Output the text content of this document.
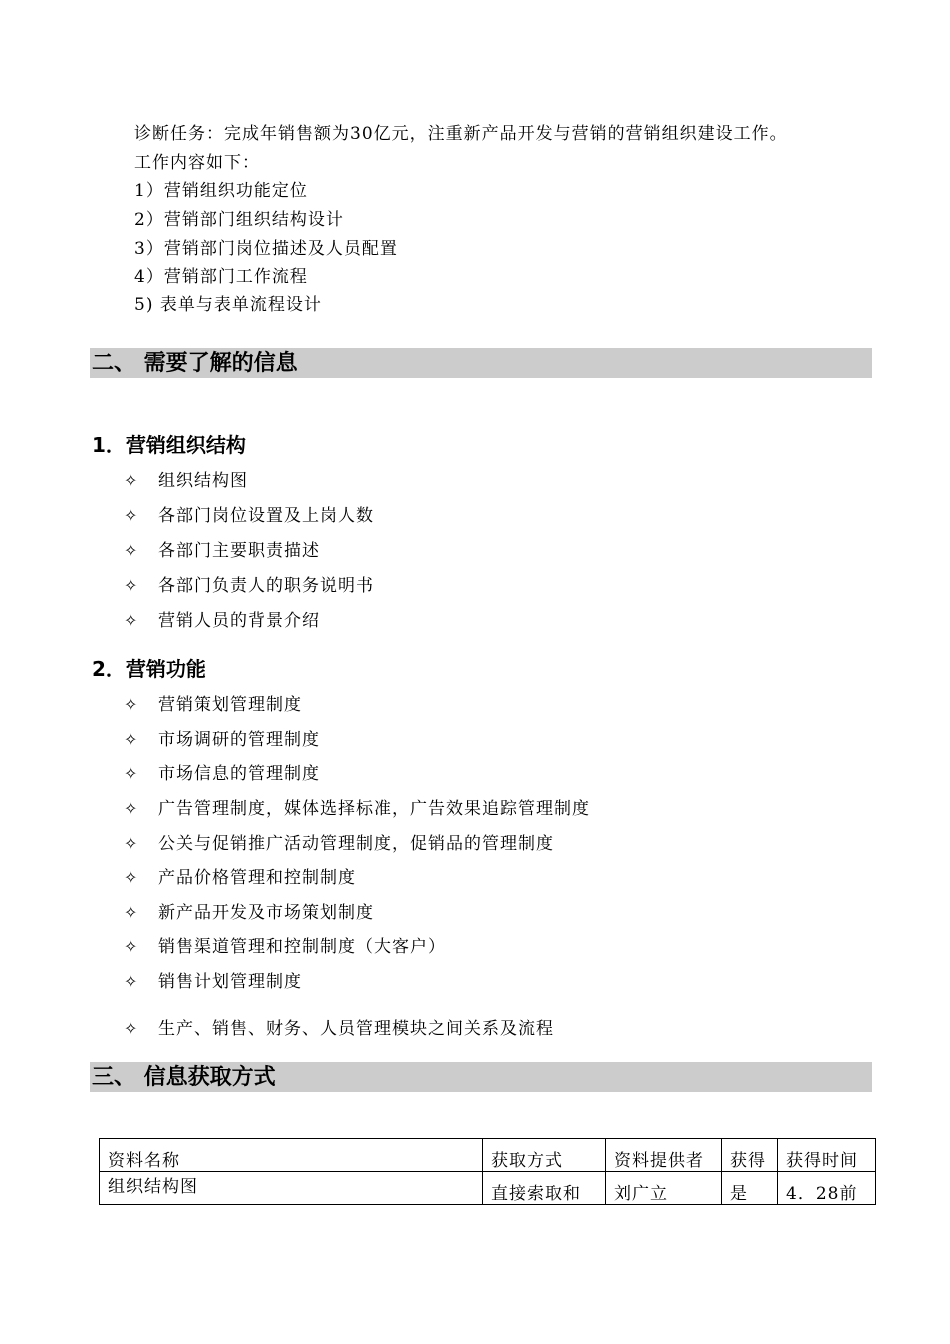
诊断任务：完成年销售额为30亿元，注重新产品开发与营销的营销组织建设工作。
工作内容如下：
1）营销组织功能定位
2）营销部门组织结构设计
3）营销部门岗位描述及人员配置
4）营销部门工作流程
5) 表单与表单流程设计
二、 需要了解的信息
1．营销组织结构
✧ 组织结构图
✧ 各部门岗位设置及上岗人数
✧ 各部门主要职责描述
✧ 各部门负责人的职务说明书
✧ 营销人员的背景介绍
2．营销功能
✧ 营销策划管理制度
✧ 市场调研的管理制度
✧ 市场信息的管理制度
✧ 广告管理制度，媒体选择标准，广告效果追踪管理制度
✧ 公关与促销推广活动管理制度，促销品的管理制度
✧ 产品价格管理和控制制度
✧ 新产品开发及市场策划制度
✧ 销售渠道管理和控制制度（大客户）
✧ 销售计划管理制度
✧ 生产、销售、财务、人员管理模块之间关系及流程
三、 信息获取方式
资料名称	获取方式	资料提供者	获得	获得时间
组织结构图	直接索取和	刘广立	是	4．28前
